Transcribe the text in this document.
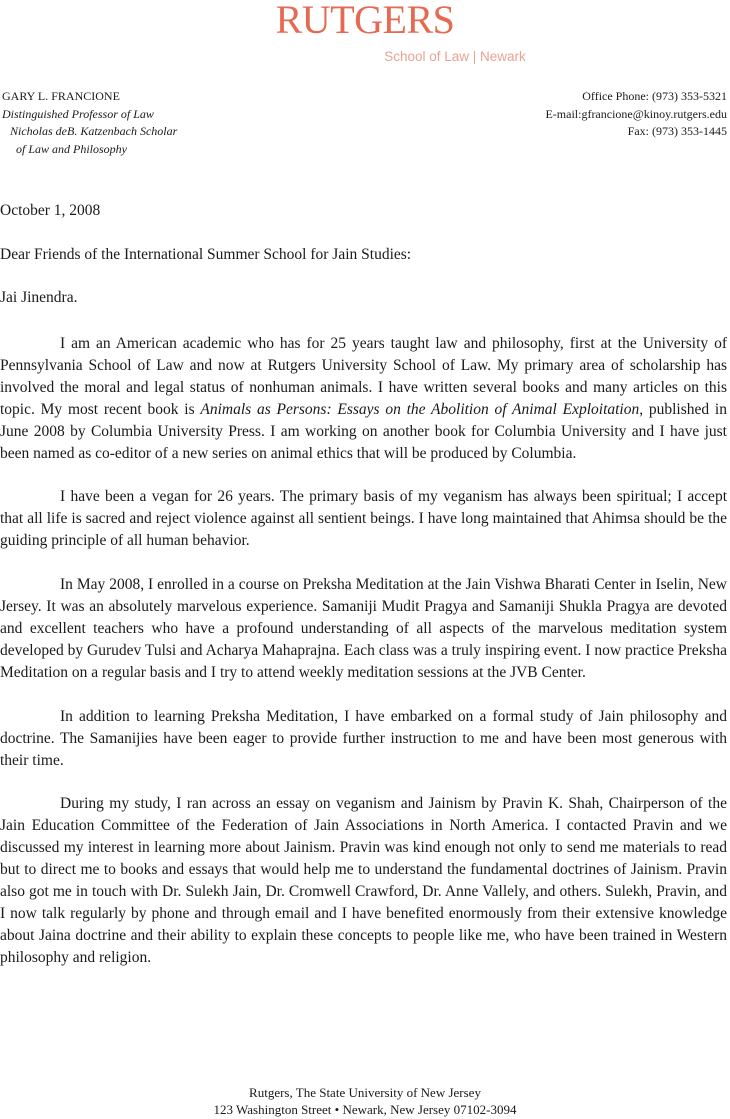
RUTGERS
School of Law | Newark
GARY L. FRANCIONE
Distinguished Professor of Law
Nicholas deB. Katzenbach Scholar
of Law and Philosophy
Office Phone: (973) 353-5321
E-mail:gfrancione@kinoy.rutgers.edu
Fax: (973) 353-1445
October 1, 2008
Dear Friends of the International Summer School for Jain Studies:
Jai Jinendra.

I am an American academic who has for 25 years taught law and philosophy, first at the University of Pennsylvania School of Law and now at Rutgers University School of Law. My primary area of scholarship has involved the moral and legal status of nonhuman animals. I have written several books and many articles on this topic. My most recent book is Animals as Persons: Essays on the Abolition of Animal Exploitation, published in June 2008 by Columbia University Press. I am working on another book for Columbia University and I have just been named as co-editor of a new series on animal ethics that will be produced by Columbia.

I have been a vegan for 26 years. The primary basis of my veganism has always been spiritual; I accept that all life is sacred and reject violence against all sentient beings. I have long maintained that Ahimsa should be the guiding principle of all human behavior.

In May 2008, I enrolled in a course on Preksha Meditation at the Jain Vishwa Bharati Center in Iselin, New Jersey. It was an absolutely marvelous experience. Samaniji Mudit Pragya and Samaniji Shukla Pragya are devoted and excellent teachers who have a profound understanding of all aspects of the marvelous meditation system developed by Gurudev Tulsi and Acharya Mahaprajna. Each class was a truly inspiring event. I now practice Preksha Meditation on a regular basis and I try to attend weekly meditation sessions at the JVB Center.

In addition to learning Preksha Meditation, I have embarked on a formal study of Jain philosophy and doctrine. The Samanijies have been eager to provide further instruction to me and have been most generous with their time.

During my study, I ran across an essay on veganism and Jainism by Pravin K. Shah, Chairperson of the Jain Education Committee of the Federation of Jain Associations in North America. I contacted Pravin and we discussed my interest in learning more about Jainism. Pravin was kind enough not only to send me materials to read but to direct me to books and essays that would help me to understand the fundamental doctrines of Jainism. Pravin also got me in touch with Dr. Sulekh Jain, Dr. Cromwell Crawford, Dr. Anne Vallely, and others. Sulekh, Pravin, and I now talk regularly by phone and through email and I have benefited enormously from their extensive knowledge about Jaina doctrine and their ability to explain these concepts to people like me, who have been trained in Western philosophy and religion.

Rutgers, The State University of New Jersey
123 Washington Street • Newark, New Jersey 07102-3094
